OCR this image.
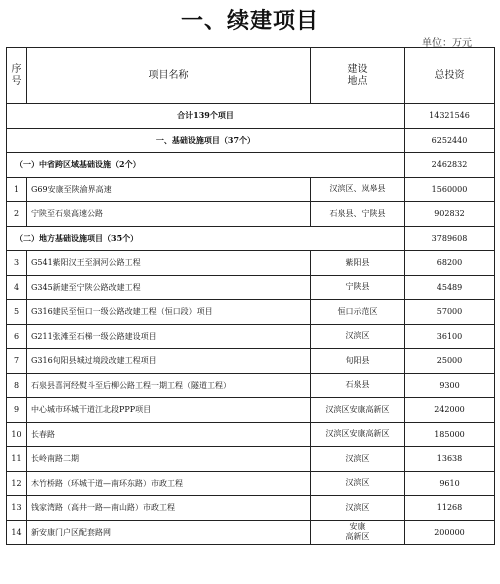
一、续建项目
单位：万元
序
号	项目名称	建设
地点	总投资
合计139个项目			14321546
一、基础设施项目（37个）			6252440
（一）中省跨区域基础设施（2个）			2462832
1	G69安康至陕渝界高速	汉滨区、岚皋县	1560000
2	宁陕至石泉高速公路	石泉县、宁陕县	902832
（二）地方基础设施项目（35个）			3789608
3	G541紫阳汉王至洞河公路工程	紫阳县	68200
4	G345新建至宁陕公路改建工程	宁陕县	45489
5	G316建民至恒口一级公路改建工程（恒口段）项目	恒口示范区	57000
6	G211张滩至石梯一级公路建设项目	汉滨区	36100
7	G316旬阳县城过境段改建工程项目	旬阳县	25000
8	石泉县喜河经熨斗至后柳公路工程一期工程（隧道工程）	石泉县	9300
9	中心城市环城干道江北段PPP项目	汉滨区安康高新区	242000
10	长春路	汉滨区安康高新区	185000
11	长岭南路二期	汉滨区	13638
12	木竹桥路（环城干道—南环东路）市政工程	汉滨区	9610
13	钱家湾路（高井一路—南山路）市政工程	汉滨区	11268
14	新安康门户区配套路网	安康
高新区	200000
